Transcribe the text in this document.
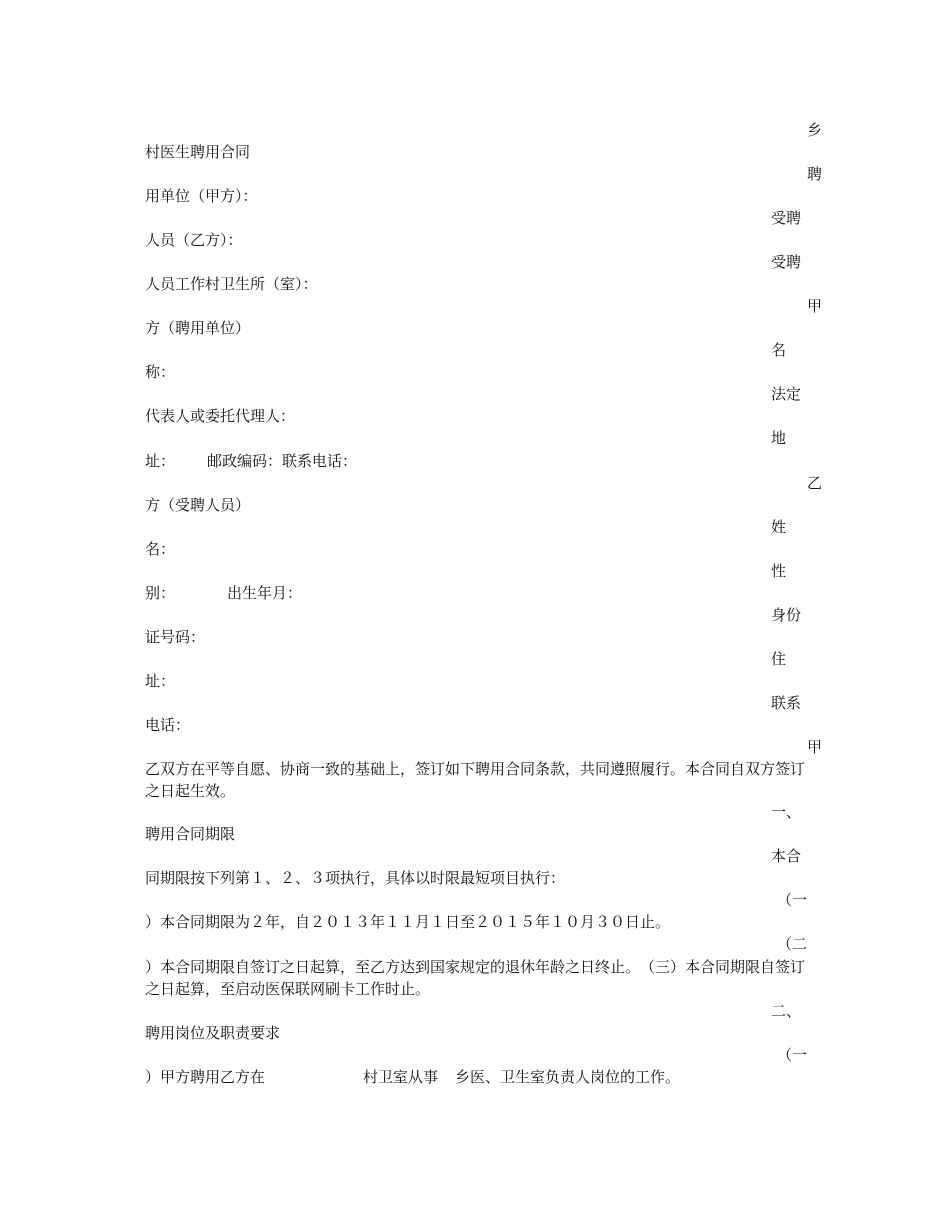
乡
聘
受聘
受聘
甲
名
法定
地
乙
姓
性
身份
住
联系
甲
一、
本合
（一
（二
二、
（一
村医生聘用合同
用单位（甲方）：
人员（乙方）：
人员工作村卫生所（室）：
方（聘用单位）
称：
代表人或委托代理人：
址： 邮政编码：联系电话：
方（受聘人员）
名：
别：	出生年月：
证号码：
址：
电话：
乙双方在平等自愿、协商一致的基础上，签订如下聘用合同条款，共同遵照履行。本合同自双方签订之日起生效。
聘用合同期限
同期限按下列第１、２、３项执行，具体以时限最短项目执行：
）本合同期限为２年，自２０１３年１１月１日至２０１５年１０月３０日止。
）本合同期限自签订之日起算，至乙方达到国家规定的退休年龄之日终止。　（三）本合同期限自签订之日起算，至启动医保联网刷卡工作时止。
聘用岗位及职责要求
）甲方聘用乙方在	村卫室从事 乡医、卫生室负责人岗位的工作。
